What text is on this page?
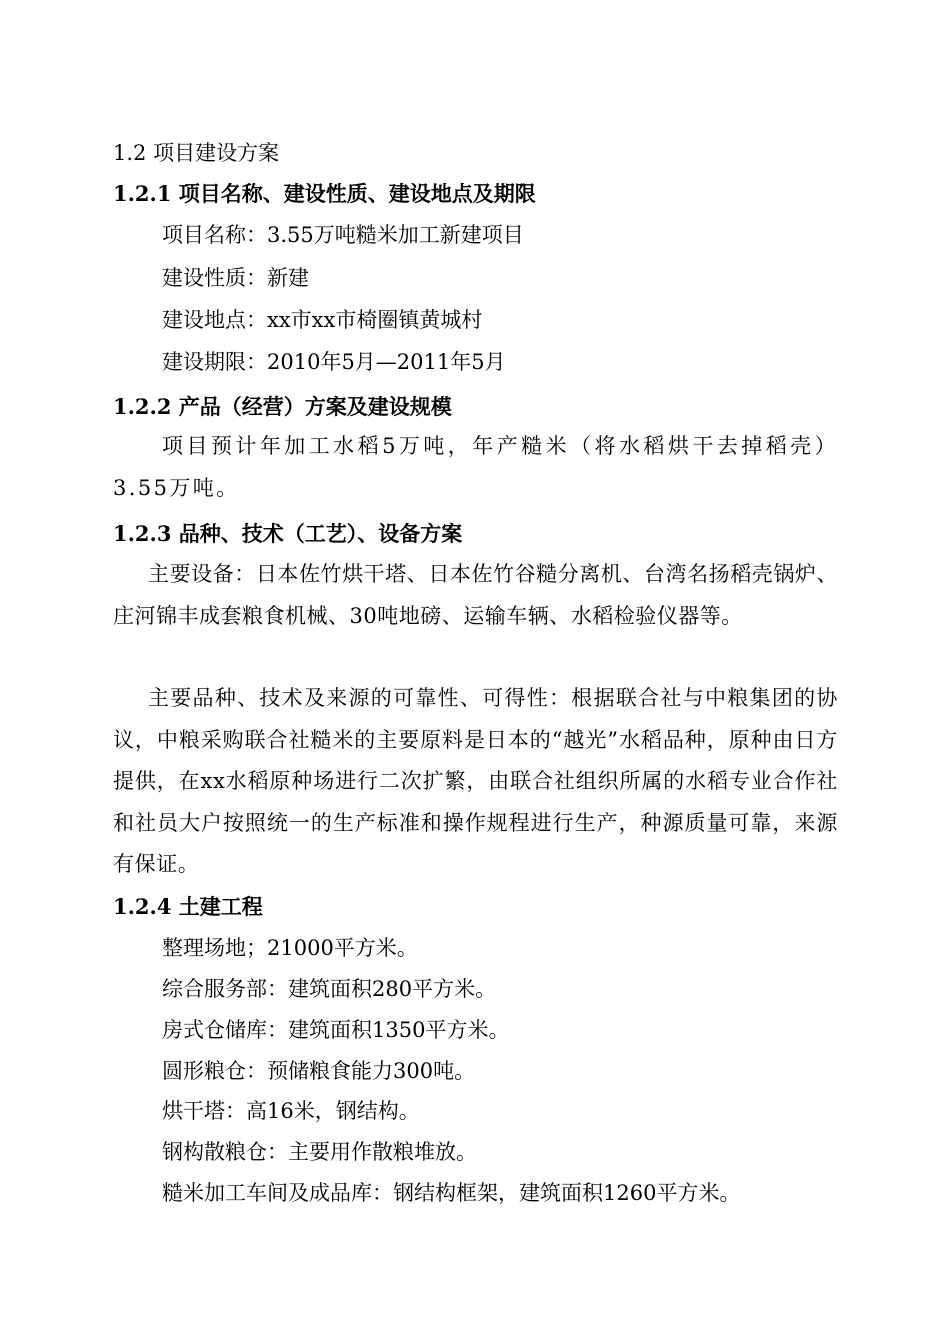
1.2 项目建设方案
1.2.1 项目名称、建设性质、建设地点及期限
项目名称：3.55万吨糙米加工新建项目
建设性质：新建
建设地点：xx市xx市椅圈镇黄城村
建设期限：2010年5月—2011年5月
1.2.2 产品（经营）方案及建设规模

项目预计年加工水稻5万吨，年产糙米（将水稻烘干去掉稻壳）3.55万吨。

1.2.3 品种、技术（工艺）、设备方案

主要设备：日本佐竹烘干塔、日本佐竹谷糙分离机、台湾名扬稻壳锅炉、庄河锦丰成套粮食机械、30吨地磅、运输车辆、水稻检验仪器等。

主要品种、技术及来源的可靠性、可得性：根据联合社与中粮集团的协议，中粮采购联合社糙米的主要原料是日本的“越光”水稻品种，原种由日方提供，在xx水稻原种场进行二次扩繁，由联合社组织所属的水稻专业合作社和社员大户按照统一的生产标准和操作规程进行生产，种源质量可靠，来源有保证。

1.2.4 土建工程
整理场地；21000平方米。
综合服务部：建筑面积280平方米。
房式仓储库：建筑面积1350平方米。
圆形粮仓：预储粮食能力300吨。
烘干塔：高16米，钢结构。
钢构散粮仓：主要用作散粮堆放。
糙米加工车间及成品库：钢结构框架，建筑面积1260平方米。
